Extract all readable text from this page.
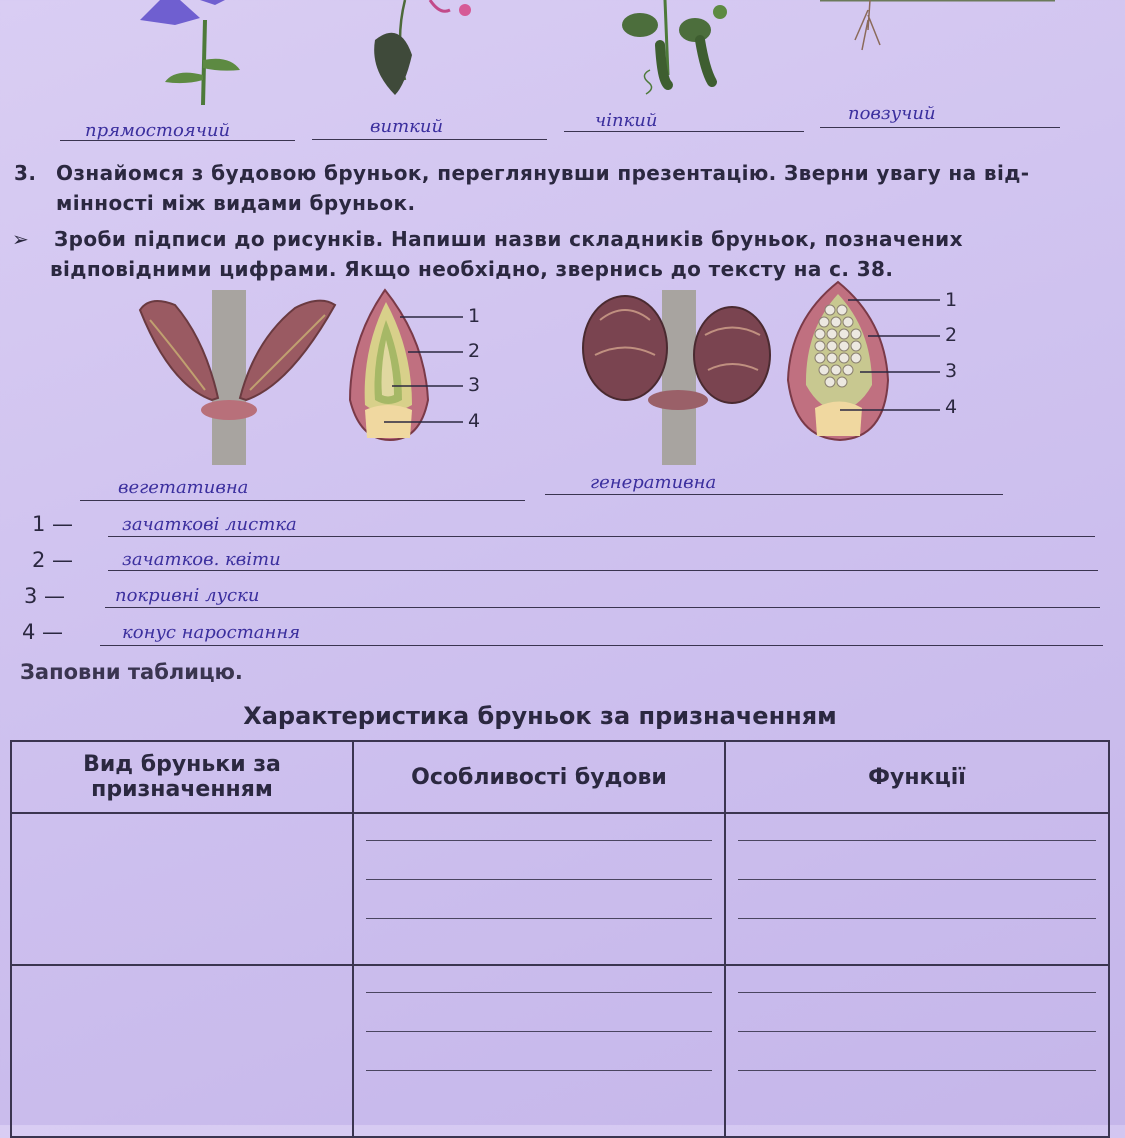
прямостоячий	виткий	чіпкий	повзучий
3. Ознайомся з будовою бруньок, переглянувши презентацію. Зверни увагу на від-
мінності між видами бруньок.
➢ Зроби підписи до рисунків. Напиши назви складників бруньок, позначених
відповідними цифрами. Якщо необхідно, звернись до тексту на с. 38.
1
2
3
4
1
2
3
4
вегетативна	генеративна
1 —	зачаткові листка
2 —	зачатков. квіти
3 —	покривні луски
4 —	конус наростання
Заповни таблицю.
Характеристика бруньок за призначенням
Вид бруньки за призначенням	Особливості будови	Функції
